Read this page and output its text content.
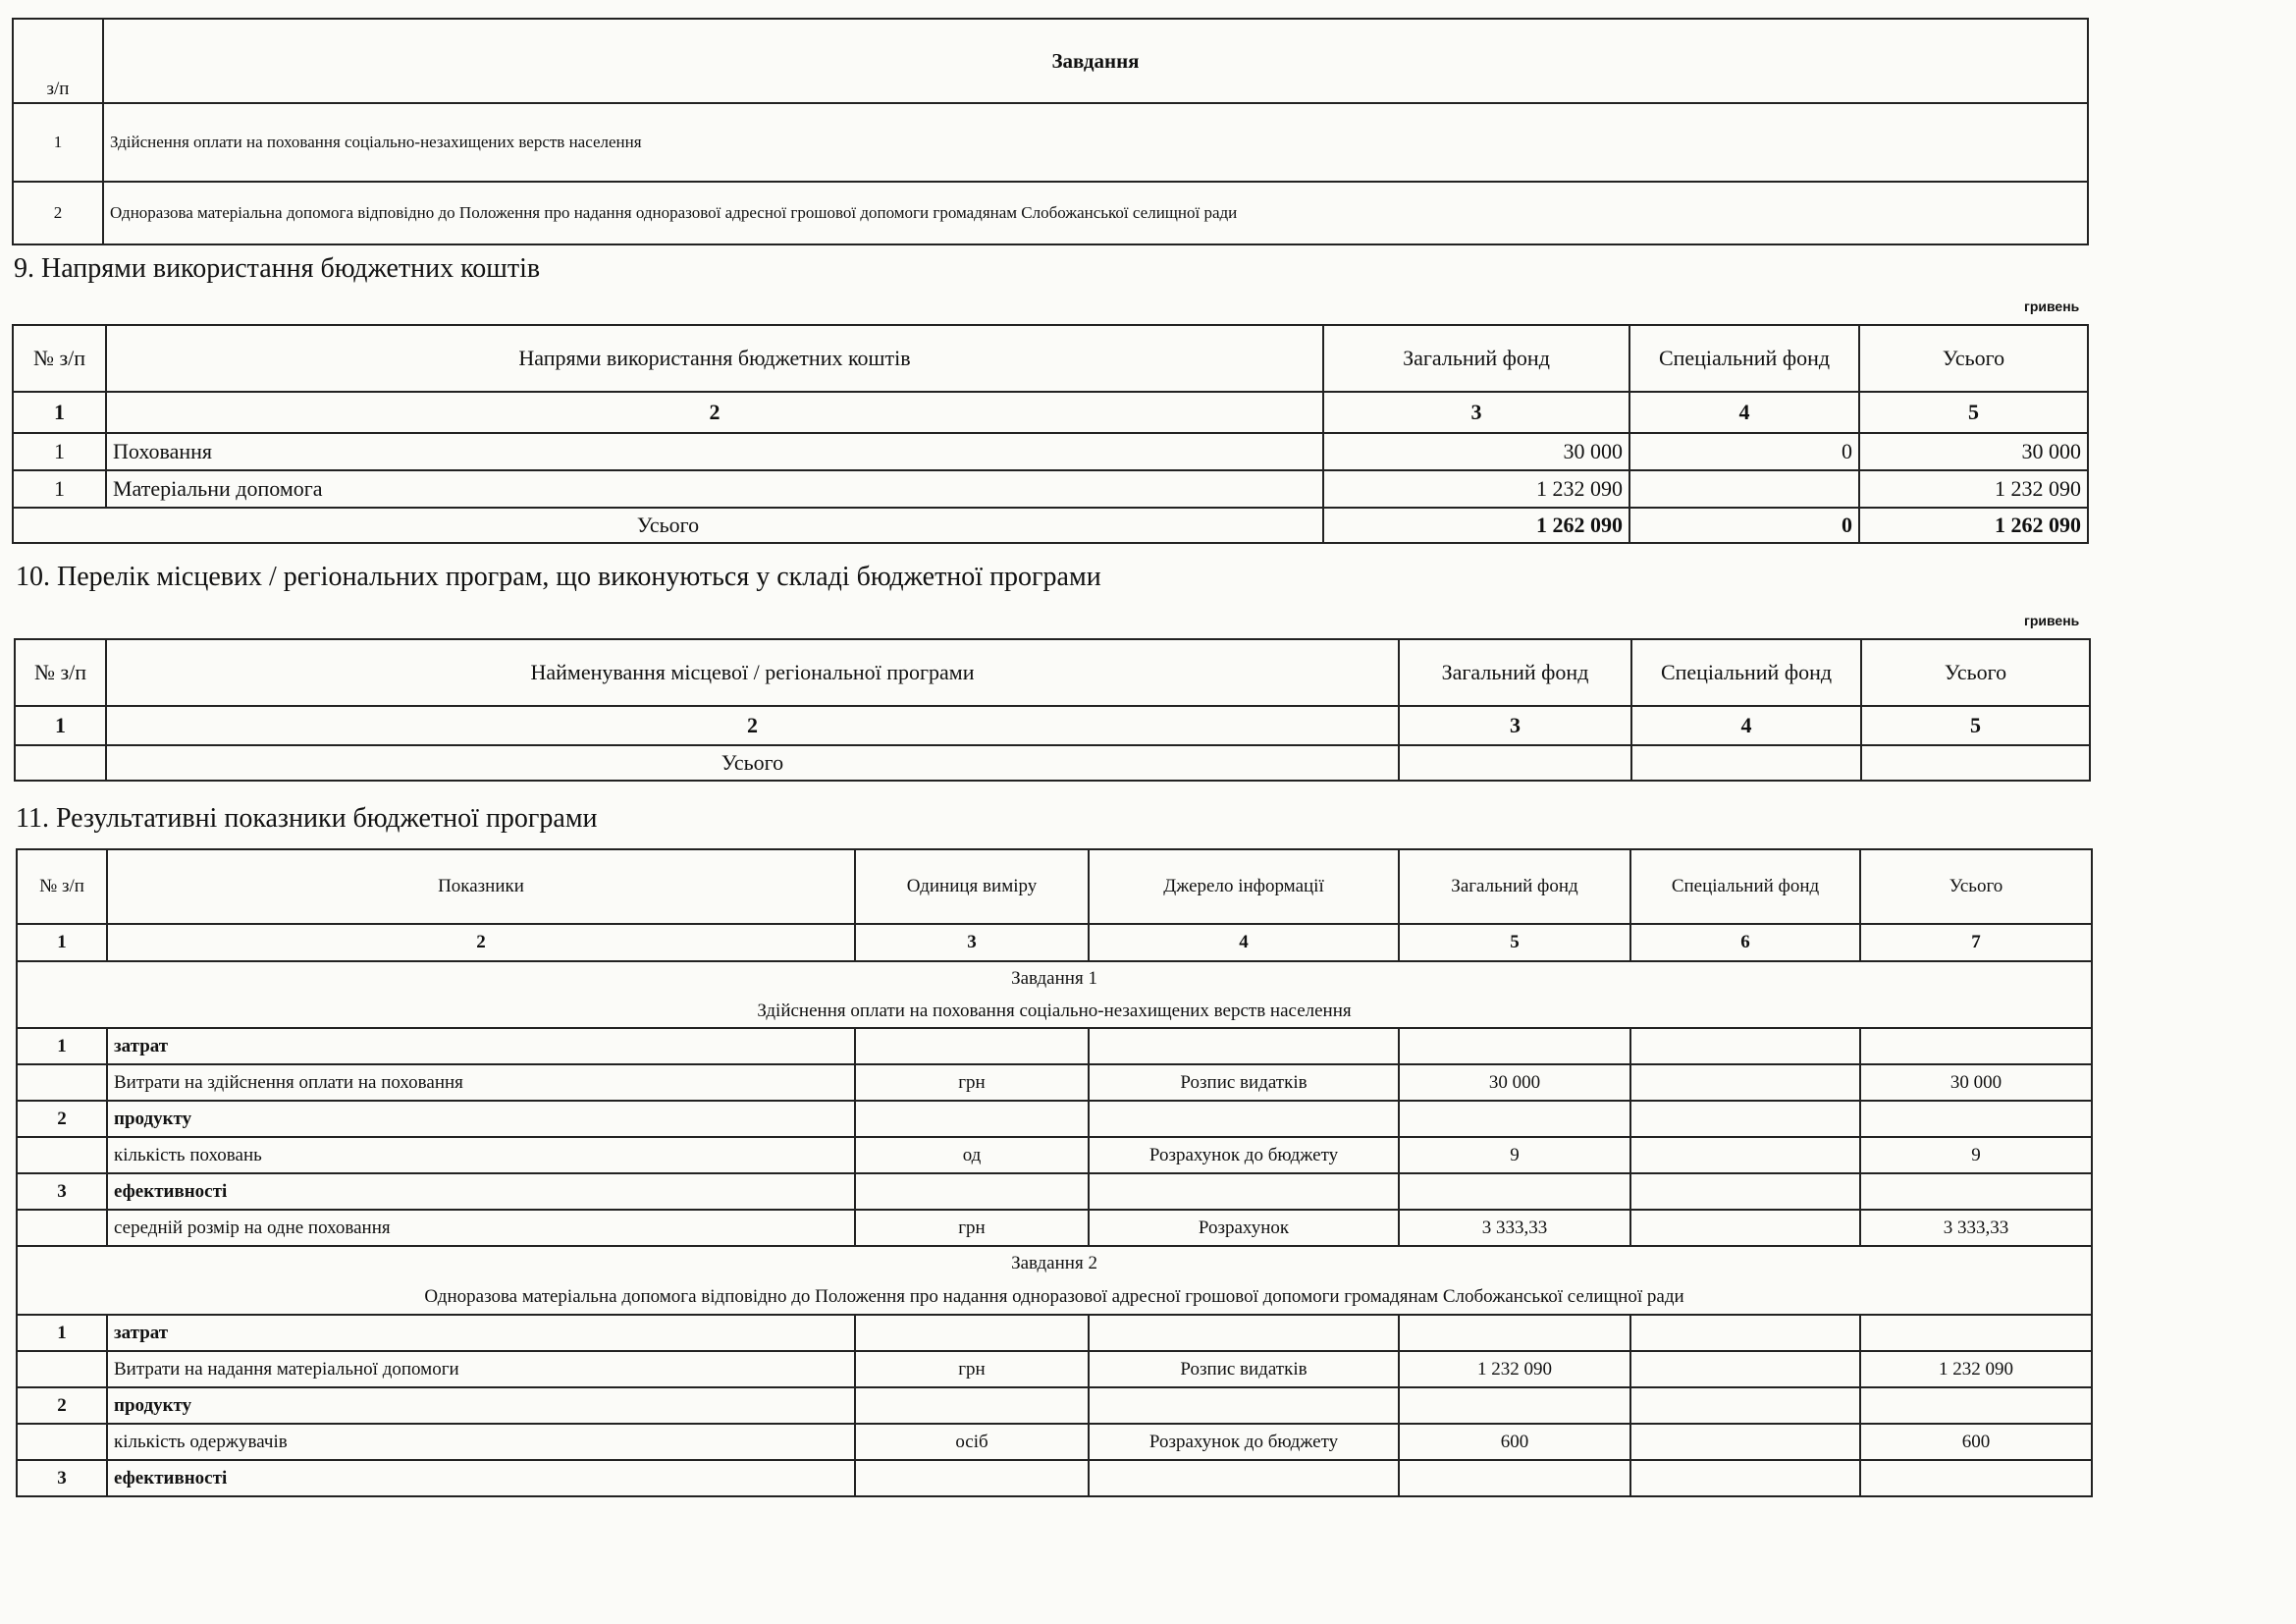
з/п	Завдання
1	Здійснення оплати на поховання соціально-незахищених верств населення
2	Одноразова матеріальна допомога відповідно до Положення про надання одноразової адресної грошової допомоги громадянам Слобожанської селищної ради
9. Напрями використання бюджетних коштів
гривень
№ з/п	Напрями використання бюджетних коштів	Загальний фонд	Спеціальний фонд	Усього
1	2	3	4	5
1	Поховання	30 000	0	30 000
1	Матеріальни допомога	1 232 090		1 232 090
Усього		1 262 090	0	1 262 090
10. Перелік місцевих / регіональних програм, що виконуються у складі бюджетної програми
гривень
№ з/п	Найменування місцевої / регіональної програми	Загальний фонд	Спеціальний фонд	Усього
1	2	3	4	5
	Усього			
11. Результативні показники бюджетної програми
№ з/п	Показники	Одиниця виміру	Джерело інформації	Загальний фонд	Спеціальний фонд	Усього
1	2	3	4	5	6	7
Завдання 1						
Здійснення оплати на поховання соціально-незахищених верств населення						
1	затрат					
	Витрати на здійснення оплати на поховання	грн	Розпис видатків	30 000		30 000
2	продукту					
	кількість поховань	од	Розрахунок до бюджету	9		9
3	ефективності					
	середній розмір на одне поховання	грн	Розрахунок	3 333,33		3 333,33
Завдання 2						
Одноразова матеріальна допомога відповідно до Положення про надання одноразової адресної грошової допомоги громадянам Слобожанської селищної ради						
1	затрат					
	Витрати на надання матеріальної допомоги	грн	Розпис видатків	1 232 090		1 232 090
2	продукту					
	кількість одержувачів	осіб	Розрахунок до бюджету	600		600
3	ефективності					
